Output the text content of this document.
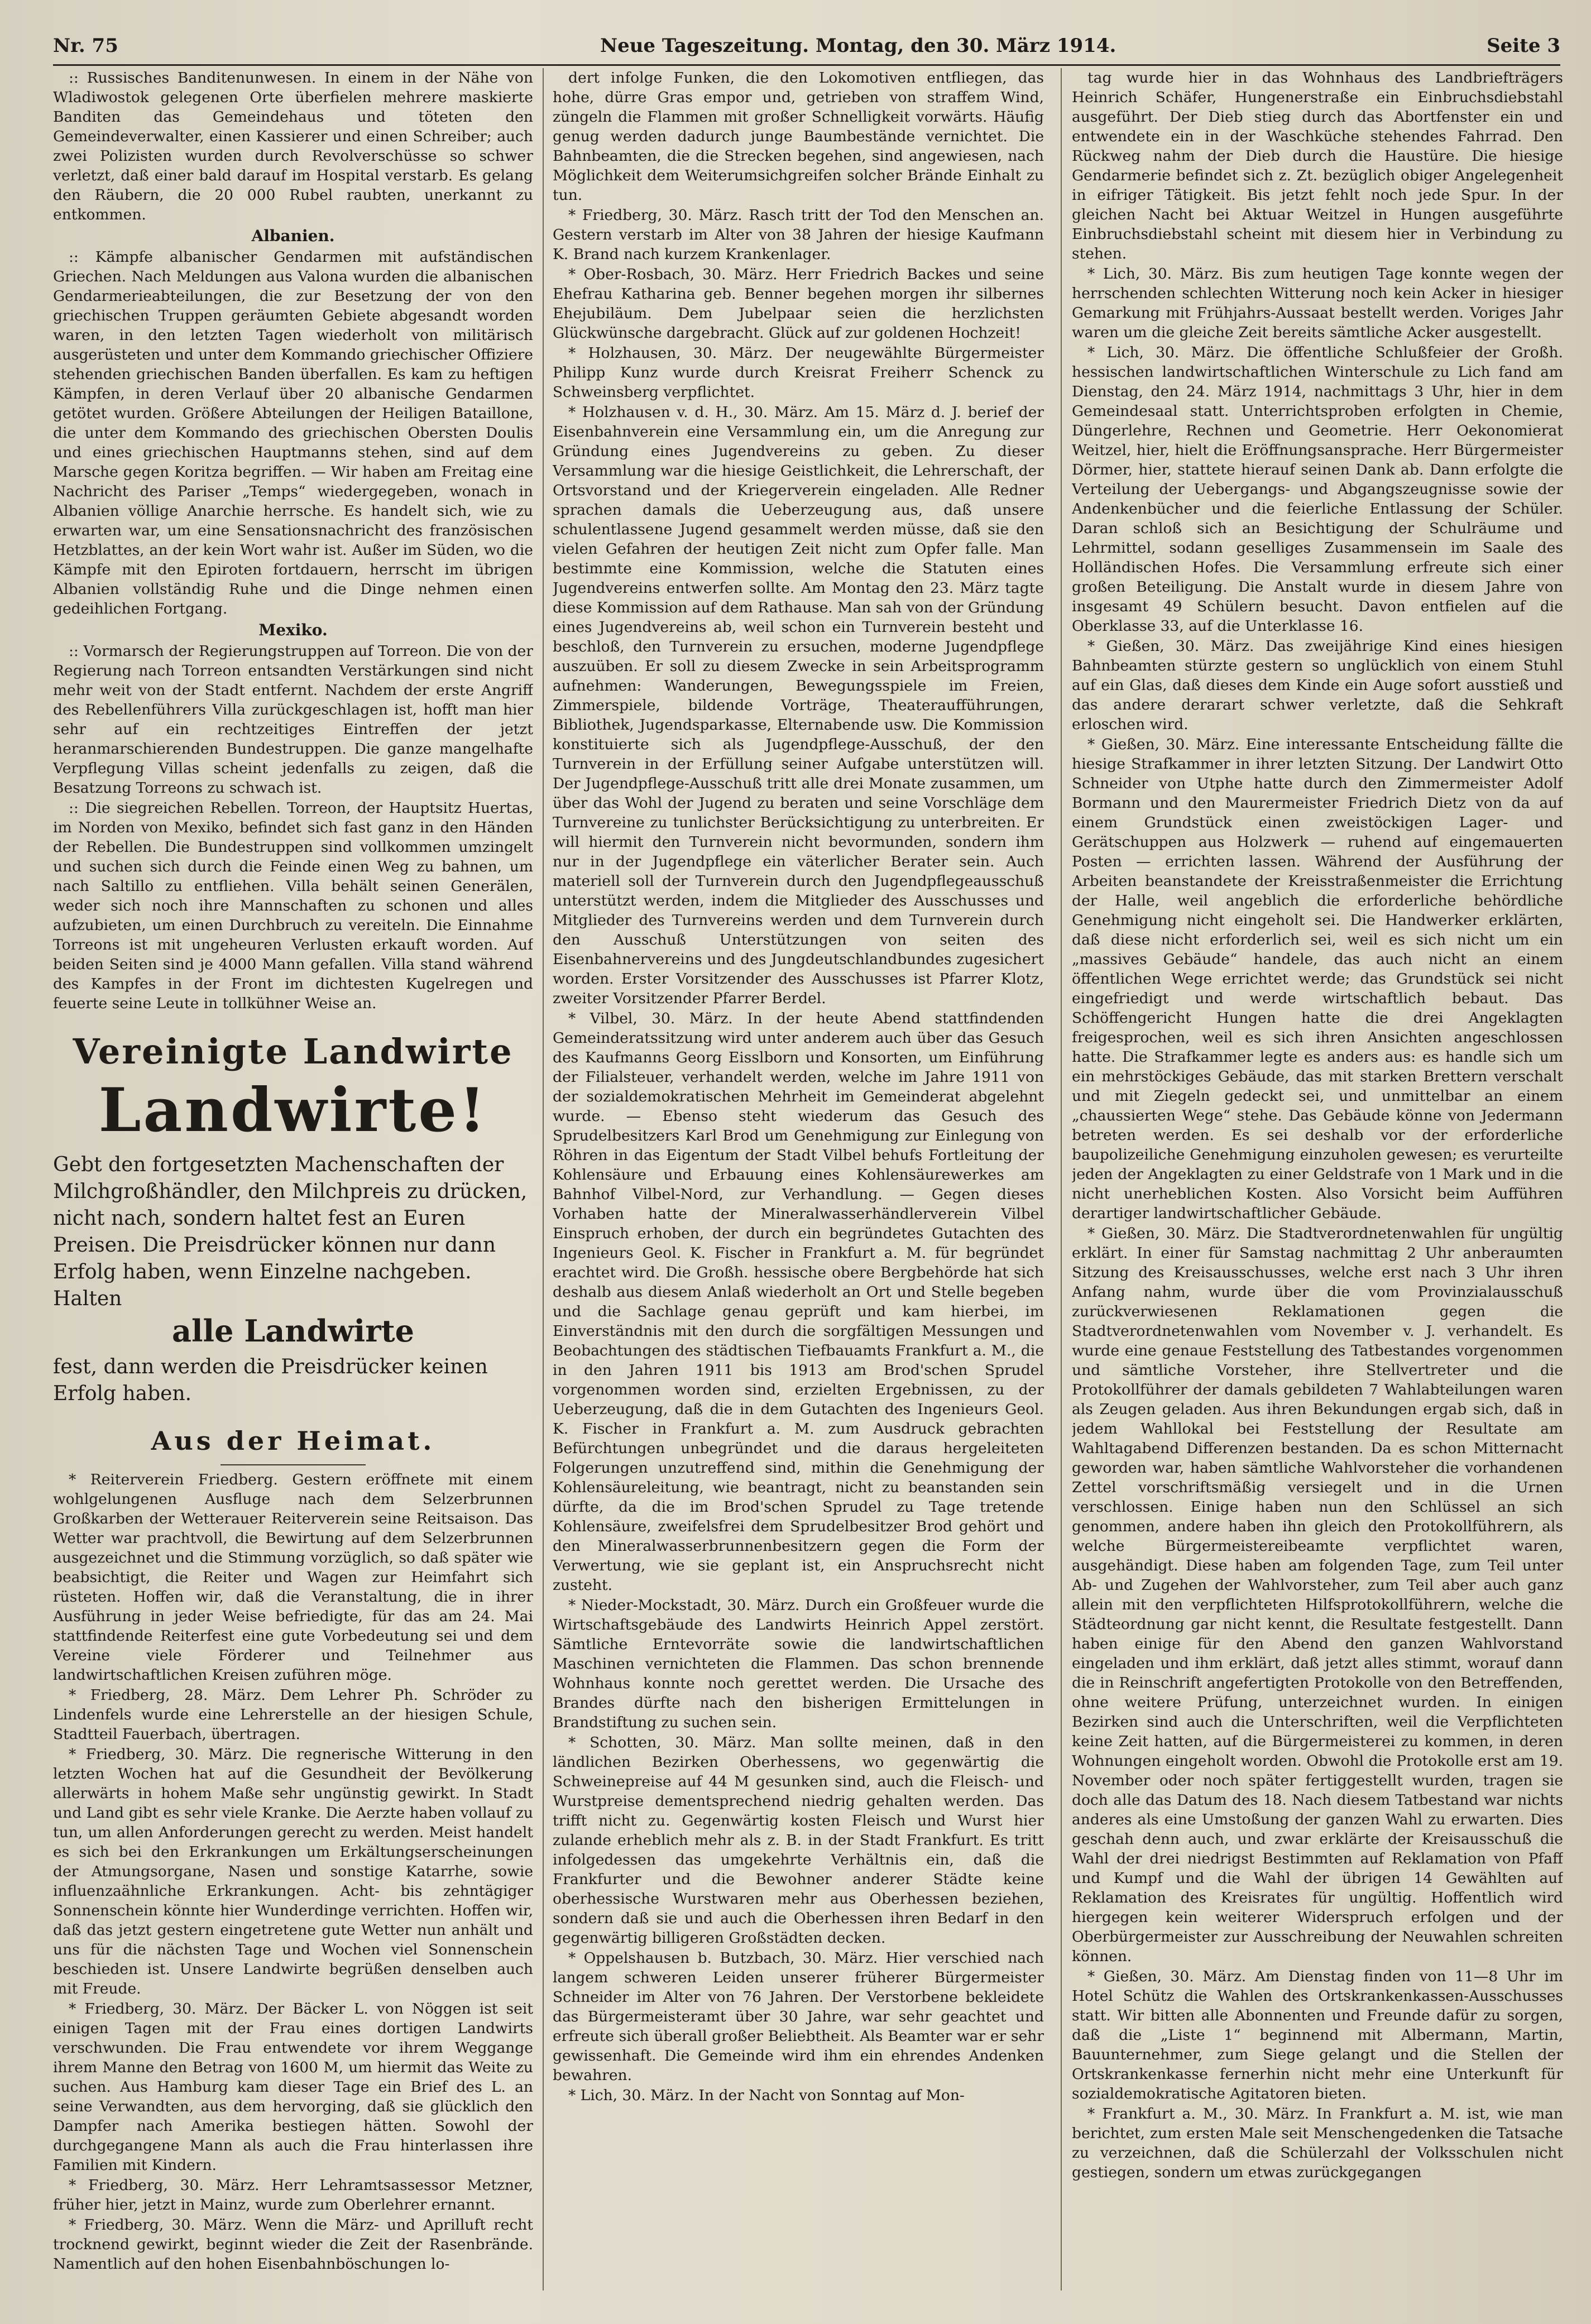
Nr. 75	Neue Tageszeitung. Montag, den 30. März 1914.	Seite 3

:: Russisches Banditenunwesen. In einem in der Nähe von Wladiwostok gelegenen Orte überfielen mehrere maskierte Banditen das Gemeindehaus und töteten den Gemeindeverwalter, einen Kassierer und einen Schreiber; auch zwei Polizisten wurden durch Revolverschüsse so schwer verletzt, daß einer bald darauf im Hospital verstarb. Es gelang den Räubern, die 20 000 Rubel raubten, unerkannt zu entkommen.

Albanien.

:: Kämpfe albanischer Gendarmen mit aufständischen Griechen. Nach Meldungen aus Valona wurden die albanischen Gendarmerieabteilungen, die zur Besetzung der von den griechischen Truppen geräumten Gebiete abgesandt worden waren, in den letzten Tagen wiederholt von militärisch ausgerüsteten und unter dem Kommando griechischer Offiziere stehenden griechischen Banden überfallen. Es kam zu heftigen Kämpfen, in deren Verlauf über 20 albanische Gendarmen getötet wurden. Größere Abteilungen der Heiligen Bataillone, die unter dem Kommando des griechischen Obersten Doulis und eines griechischen Hauptmanns stehen, sind auf dem Marsche gegen Koritza begriffen. — Wir haben am Freitag eine Nachricht des Pariser „Temps“ wiedergegeben, wonach in Albanien völlige Anarchie herrsche. Es handelt sich, wie zu erwarten war, um eine Sensationsnachricht des französischen Hetzblattes, an der kein Wort wahr ist. Außer im Süden, wo die Kämpfe mit den Epiroten fortdauern, herrscht im übrigen Albanien vollständig Ruhe und die Dinge nehmen einen gedeihlichen Fortgang.

Mexiko.

:: Vormarsch der Regierungstruppen auf Torreon. Die von der Regierung nach Torreon entsandten Verstärkungen sind nicht mehr weit von der Stadt entfernt. Nachdem der erste Angriff des Rebellenführers Villa zurückgeschlagen ist, hofft man hier sehr auf ein rechtzeitiges Eintreffen der jetzt heranmarschierenden Bundestruppen. Die ganze mangelhafte Verpflegung Villas scheint jedenfalls zu zeigen, daß die Besatzung Torreons zu schwach ist.

:: Die siegreichen Rebellen. Torreon, der Hauptsitz Huertas, im Norden von Mexiko, befindet sich fast ganz in den Händen der Rebellen. Die Bundestruppen sind vollkommen umzingelt und suchen sich durch die Feinde einen Weg zu bahnen, um nach Saltillo zu entfliehen. Villa behält seinen Generälen, weder sich noch ihre Mannschaften zu schonen und alles aufzubieten, um einen Durchbruch zu vereiteln. Die Einnahme Torreons ist mit ungeheuren Verlusten erkauft worden. Auf beiden Seiten sind je 4000 Mann gefallen. Villa stand während des Kampfes in der Front im dichtesten Kugelregen und feuerte seine Leute in tollkühner Weise an.

Vereinigte Landwirte
Landwirte!
Gebt den fortgesetzten Machenschaften der Milchgroßhändler, den Milchpreis zu drücken, nicht nach, sondern haltet fest an Euren Preisen. Die Preisdrücker können nur dann Erfolg haben, wenn Einzelne nachgeben. Halten
alle Landwirte
fest, dann werden die Preisdrücker keinen Erfolg haben.
Aus der Heimat.

* Reiterverein Friedberg. Gestern eröffnete mit einem wohlgelungenen Ausfluge nach dem Selzerbrunnen Großkarben der Wetterauer Reiterverein seine Reitsaison. Das Wetter war prachtvoll, die Bewirtung auf dem Selzerbrunnen ausgezeichnet und die Stimmung vorzüglich, so daß später wie beabsichtigt, die Reiter und Wagen zur Heimfahrt sich rüsteten. Hoffen wir, daß die Veranstaltung, die in ihrer Ausführung in jeder Weise befriedigte, für das am 24. Mai stattfindende Reiterfest eine gute Vorbedeutung sei und dem Vereine viele Förderer und Teilnehmer aus landwirtschaftlichen Kreisen zuführen möge.

* Friedberg, 28. März. Dem Lehrer Ph. Schröder zu Lindenfels wurde eine Lehrerstelle an der hiesigen Schule, Stadtteil Fauerbach, übertragen.

* Friedberg, 30. März. Die regnerische Witterung in den letzten Wochen hat auf die Gesundheit der Bevölkerung allerwärts in hohem Maße sehr ungünstig gewirkt. In Stadt und Land gibt es sehr viele Kranke. Die Aerzte haben vollauf zu tun, um allen Anforderungen gerecht zu werden. Meist handelt es sich bei den Erkrankungen um Erkältungserscheinungen der Atmungsorgane, Nasen und sonstige Katarrhe, sowie influenzaähnliche Erkrankungen. Acht- bis zehntägiger Sonnenschein könnte hier Wunderdinge verrichten. Hoffen wir, daß das jetzt gestern eingetretene gute Wetter nun anhält und uns für die nächsten Tage und Wochen viel Sonnenschein beschieden ist. Unsere Landwirte begrüßen denselben auch mit Freude.

* Friedberg, 30. März. Der Bäcker L. von Nöggen ist seit einigen Tagen mit der Frau eines dortigen Landwirts verschwunden. Die Frau entwendete vor ihrem Weggange ihrem Manne den Betrag von 1600 M, um hiermit das Weite zu suchen. Aus Hamburg kam dieser Tage ein Brief des L. an seine Verwandten, aus dem hervorging, daß sie glücklich den Dampfer nach Amerika bestiegen hätten. Sowohl der durchgegangene Mann als auch die Frau hinterlassen ihre Familien mit Kindern.

* Friedberg, 30. März. Herr Lehramtsassessor Metzner, früher hier, jetzt in Mainz, wurde zum Oberlehrer ernannt.

* Friedberg, 30. März. Wenn die März- und Aprilluft recht trocknend gewirkt, beginnt wieder die Zeit der Rasenbrände. Namentlich auf den hohen Eisenbahnböschungen lo-

dert infolge Funken, die den Lokomotiven entfliegen, das hohe, dürre Gras empor und, getrieben von straffem Wind, züngeln die Flammen mit großer Schnelligkeit vorwärts. Häufig genug werden dadurch junge Baumbestände vernichtet. Die Bahnbeamten, die die Strecken begehen, sind angewiesen, nach Möglichkeit dem Weiterumsichgreifen solcher Brände Einhalt zu tun.

* Friedberg, 30. März. Rasch tritt der Tod den Menschen an. Gestern verstarb im Alter von 38 Jahren der hiesige Kaufmann K. Brand nach kurzem Krankenlager.

* Ober-Rosbach, 30. März. Herr Friedrich Backes und seine Ehefrau Katharina geb. Benner begehen morgen ihr silbernes Ehejubiläum. Dem Jubelpaar seien die herzlichsten Glückwünsche dargebracht. Glück auf zur goldenen Hochzeit!

* Holzhausen, 30. März. Der neugewählte Bürgermeister Philipp Kunz wurde durch Kreisrat Freiherr Schenck zu Schweinsberg verpflichtet.

* Holzhausen v. d. H., 30. März. Am 15. März d. J. berief der Eisenbahnverein eine Versammlung ein, um die Anregung zur Gründung eines Jugendvereins zu geben. Zu dieser Versammlung war die hiesige Geistlichkeit, die Lehrerschaft, der Ortsvorstand und der Kriegerverein eingeladen. Alle Redner sprachen damals die Ueberzeugung aus, daß unsere schulentlassene Jugend gesammelt werden müsse, daß sie den vielen Gefahren der heutigen Zeit nicht zum Opfer falle. Man bestimmte eine Kommission, welche die Statuten eines Jugendvereins entwerfen sollte. Am Montag den 23. März tagte diese Kommission auf dem Rathause. Man sah von der Gründung eines Jugendvereins ab, weil schon ein Turnverein besteht und beschloß, den Turnverein zu ersuchen, moderne Jugendpflege auszuüben. Er soll zu diesem Zwecke in sein Arbeitsprogramm aufnehmen: Wanderungen, Bewegungsspiele im Freien, Zimmerspiele, bildende Vorträge, Theateraufführungen, Bibliothek, Jugendsparkasse, Elternabende usw. Die Kommission konstituierte sich als Jugendpflege-Ausschuß, der den Turnverein in der Erfüllung seiner Aufgabe unterstützen will. Der Jugendpflege-Ausschuß tritt alle drei Monate zusammen, um über das Wohl der Jugend zu beraten und seine Vorschläge dem Turnvereine zu tunlichster Berücksichtigung zu unterbreiten. Er will hiermit den Turnverein nicht bevormunden, sondern ihm nur in der Jugendpflege ein väterlicher Berater sein. Auch materiell soll der Turnverein durch den Jugendpflegeausschuß unterstützt werden, indem die Mitglieder des Ausschusses und Mitglieder des Turnvereins werden und dem Turnverein durch den Ausschuß Unterstützungen von seiten des Eisenbahnervereins und des Jungdeutschlandbundes zugesichert worden. Erster Vorsitzender des Ausschusses ist Pfarrer Klotz, zweiter Vorsitzender Pfarrer Berdel.

* Vilbel, 30. März. In der heute Abend stattfindenden Gemeinderatssitzung wird unter anderem auch über das Gesuch des Kaufmanns Georg Eisslborn und Konsorten, um Einführung der Filialsteuer, verhandelt werden, welche im Jahre 1911 von der sozialdemokratischen Mehrheit im Gemeinderat abgelehnt wurde. — Ebenso steht wiederum das Gesuch des Sprudelbesitzers Karl Brod um Genehmigung zur Einlegung von Röhren in das Eigentum der Stadt Vilbel behufs Fortleitung der Kohlensäure und Erbauung eines Kohlensäurewerkes am Bahnhof Vilbel-Nord, zur Verhandlung. — Gegen dieses Vorhaben hatte der Mineralwasserhändlerverein Vilbel Einspruch erhoben, der durch ein begründetes Gutachten des Ingenieurs Geol. K. Fischer in Frankfurt a. M. für begründet erachtet wird. Die Großh. hessische obere Bergbehörde hat sich deshalb aus diesem Anlaß wiederholt an Ort und Stelle begeben und die Sachlage genau geprüft und kam hierbei, im Einverständnis mit den durch die sorgfältigen Messungen und Beobachtungen des städtischen Tiefbauamts Frankfurt a. M., die in den Jahren 1911 bis 1913 am Brod'schen Sprudel vorgenommen worden sind, erzielten Ergebnissen, zu der Ueberzeugung, daß die in dem Gutachten des Ingenieurs Geol. K. Fischer in Frankfurt a. M. zum Ausdruck gebrachten Befürchtungen unbegründet und die daraus hergeleiteten Folgerungen unzutreffend sind, mithin die Genehmigung der Kohlensäureleitung, wie beantragt, nicht zu beanstanden sein dürfte, da die im Brod'schen Sprudel zu Tage tretende Kohlensäure, zweifelsfrei dem Sprudelbesitzer Brod gehört und den Mineralwasserbrunnenbesitzern gegen die Form der Verwertung, wie sie geplant ist, ein Anspruchsrecht nicht zusteht.

* Nieder-Mockstadt, 30. März. Durch ein Großfeuer wurde die Wirtschaftsgebäude des Landwirts Heinrich Appel zerstört. Sämtliche Erntevorräte sowie die landwirtschaftlichen Maschinen vernichteten die Flammen. Das schon brennende Wohnhaus konnte noch gerettet werden. Die Ursache des Brandes dürfte nach den bisherigen Ermittelungen in Brandstiftung zu suchen sein.

* Schotten, 30. März. Man sollte meinen, daß in den ländlichen Bezirken Oberhessens, wo gegenwärtig die Schweinepreise auf 44 M gesunken sind, auch die Fleisch- und Wurstpreise dementsprechend niedrig gehalten werden. Das trifft nicht zu. Gegenwärtig kosten Fleisch und Wurst hier zulande erheblich mehr als z. B. in der Stadt Frankfurt. Es tritt infolgedessen das umgekehrte Verhältnis ein, daß die Frankfurter und die Bewohner anderer Städte keine oberhessische Wurstwaren mehr aus Oberhessen beziehen, sondern daß sie und auch die Oberhessen ihren Bedarf in den gegenwärtig billigeren Großstädten decken.

* Oppelshausen b. Butzbach, 30. März. Hier verschied nach langem schweren Leiden unserer früherer Bürgermeister Schneider im Alter von 76 Jahren. Der Verstorbene bekleidete das Bürgermeisteramt über 30 Jahre, war sehr geachtet und erfreute sich überall großer Beliebtheit. Als Beamter war er sehr gewissenhaft. Die Gemeinde wird ihm ein ehrendes Andenken bewahren.

* Lich, 30. März. In der Nacht von Sonntag auf Mon-

tag wurde hier in das Wohnhaus des Landbriefträgers Heinrich Schäfer, Hungenerstraße ein Einbruchsdiebstahl ausgeführt. Der Dieb stieg durch das Abortfenster ein und entwendete ein in der Waschküche stehendes Fahrrad. Den Rückweg nahm der Dieb durch die Haustüre. Die hiesige Gendarmerie befindet sich z. Zt. bezüglich obiger Angelegenheit in eifriger Tätigkeit. Bis jetzt fehlt noch jede Spur. In der gleichen Nacht bei Aktuar Weitzel in Hungen ausgeführte Einbruchsdiebstahl scheint mit diesem hier in Verbindung zu stehen.

* Lich, 30. März. Bis zum heutigen Tage konnte wegen der herrschenden schlechten Witterung noch kein Acker in hiesiger Gemarkung mit Frühjahrs-Aussaat bestellt werden. Voriges Jahr waren um die gleiche Zeit bereits sämtliche Acker ausgestellt.

* Lich, 30. März. Die öffentliche Schlußfeier der Großh. hessischen landwirtschaftlichen Winterschule zu Lich fand am Dienstag, den 24. März 1914, nachmittags 3 Uhr, hier in dem Gemeindesaal statt. Unterrichtsproben erfolgten in Chemie, Düngerlehre, Rechnen und Geometrie. Herr Oekonomierat Weitzel, hier, hielt die Eröffnungsansprache. Herr Bürgermeister Dörmer, hier, stattete hierauf seinen Dank ab. Dann erfolgte die Verteilung der Uebergangs- und Abgangszeugnisse sowie der Andenkenbücher und die feierliche Entlassung der Schüler. Daran schloß sich an Besichtigung der Schulräume und Lehrmittel, sodann geselliges Zusammensein im Saale des Holländischen Hofes. Die Versammlung erfreute sich einer großen Beteiligung. Die Anstalt wurde in diesem Jahre von insgesamt 49 Schülern besucht. Davon entfielen auf die Oberklasse 33, auf die Unterklasse 16.

* Gießen, 30. März. Das zweijährige Kind eines hiesigen Bahnbeamten stürzte gestern so unglücklich von einem Stuhl auf ein Glas, daß dieses dem Kinde ein Auge sofort ausstieß und das andere derarart schwer verletzte, daß die Sehkraft erloschen wird.

* Gießen, 30. März. Eine interessante Entscheidung fällte die hiesige Strafkammer in ihrer letzten Sitzung. Der Landwirt Otto Schneider von Utphe hatte durch den Zimmermeister Adolf Bormann und den Maurermeister Friedrich Dietz von da auf einem Grundstück einen zweistöckigen Lager- und Gerätschuppen aus Holzwerk — ruhend auf eingemauerten Posten — errichten lassen. Während der Ausführung der Arbeiten beanstandete der Kreisstraßenmeister die Errichtung der Halle, weil angeblich die erforderliche behördliche Genehmigung nicht eingeholt sei. Die Handwerker erklärten, daß diese nicht erforderlich sei, weil es sich nicht um ein „massives Gebäude“ handele, das auch nicht an einem öffentlichen Wege errichtet werde; das Grundstück sei nicht eingefriedigt und werde wirtschaftlich bebaut. Das Schöffengericht Hungen hatte die drei Angeklagten freigesprochen, weil es sich ihren Ansichten angeschlossen hatte. Die Strafkammer legte es anders aus: es handle sich um ein mehrstöckiges Gebäude, das mit starken Brettern verschalt und mit Ziegeln gedeckt sei, und unmittelbar an einem „chaussierten Wege“ stehe. Das Gebäude könne von Jedermann betreten werden. Es sei deshalb vor der erforderliche baupolizeiliche Genehmigung einzuholen gewesen; es verurteilte jeden der Angeklagten zu einer Geldstrafe von 1 Mark und in die nicht unerheblichen Kosten. Also Vorsicht beim Aufführen derartiger landwirtschaftlicher Gebäude.

* Gießen, 30. März. Die Stadtverordnetenwahlen für ungültig erklärt. In einer für Samstag nachmittag 2 Uhr anberaumten Sitzung des Kreisausschusses, welche erst nach 3 Uhr ihren Anfang nahm, wurde über die vom Provinzialausschuß zurückverwiesenen Reklamationen gegen die Stadtverordnetenwahlen vom November v. J. verhandelt. Es wurde eine genaue Feststellung des Tatbestandes vorgenommen und sämtliche Vorsteher, ihre Stellvertreter und die Protokollführer der damals gebildeten 7 Wahlabteilungen waren als Zeugen geladen. Aus ihren Bekundungen ergab sich, daß in jedem Wahllokal bei Feststellung der Resultate am Wahltagabend Differenzen bestanden. Da es schon Mitternacht geworden war, haben sämtliche Wahlvorsteher die vorhandenen Zettel vorschriftsmäßig versiegelt und in die Urnen verschlossen. Einige haben nun den Schlüssel an sich genommen, andere haben ihn gleich den Protokollführern, als welche Bürgermeistereibeamte verpflichtet waren, ausgehändigt. Diese haben am folgenden Tage, zum Teil unter Ab- und Zugehen der Wahlvorsteher, zum Teil aber auch ganz allein mit den verpflichteten Hilfsprotokollführern, welche die Städteordnung gar nicht kennt, die Resultate festgestellt. Dann haben einige für den Abend den ganzen Wahlvorstand eingeladen und ihm erklärt, daß jetzt alles stimmt, worauf dann die in Reinschrift angefertigten Protokolle von den Betreffenden, ohne weitere Prüfung, unterzeichnet wurden. In einigen Bezirken sind auch die Unterschriften, weil die Verpflichteten keine Zeit hatten, auf die Bürgermeisterei zu kommen, in deren Wohnungen eingeholt worden. Obwohl die Protokolle erst am 19. November oder noch später fertiggestellt wurden, tragen sie doch alle das Datum des 18. Nach diesem Tatbestand war nichts anderes als eine Umstoßung der ganzen Wahl zu erwarten. Dies geschah denn auch, und zwar erklärte der Kreisausschuß die Wahl der drei niedrigst Bestimmten auf Reklamation von Pfaff und Kumpf und die Wahl der übrigen 14 Gewählten auf Reklamation des Kreisrates für ungültig. Hoffentlich wird hiergegen kein weiterer Widerspruch erfolgen und der Oberbürgermeister zur Ausschreibung der Neuwahlen schreiten können.

* Gießen, 30. März. Am Dienstag finden von 11—8 Uhr im Hotel Schütz die Wahlen des Ortskrankenkassen-Ausschusses statt. Wir bitten alle Abonnenten und Freunde dafür zu sorgen, daß die „Liste 1“ beginnend mit Albermann, Martin, Bauunternehmer, zum Siege gelangt und die Stellen der Ortskrankenkasse fernerhin nicht mehr eine Unterkunft für sozialdemokratische Agitatoren bieten.

* Frankfurt a. M., 30. März. In Frankfurt a. M. ist, wie man berichtet, zum ersten Male seit Menschengedenken die Tatsache zu verzeichnen, daß die Schülerzahl der Volksschulen nicht gestiegen, sondern um etwas zurückgegangen
